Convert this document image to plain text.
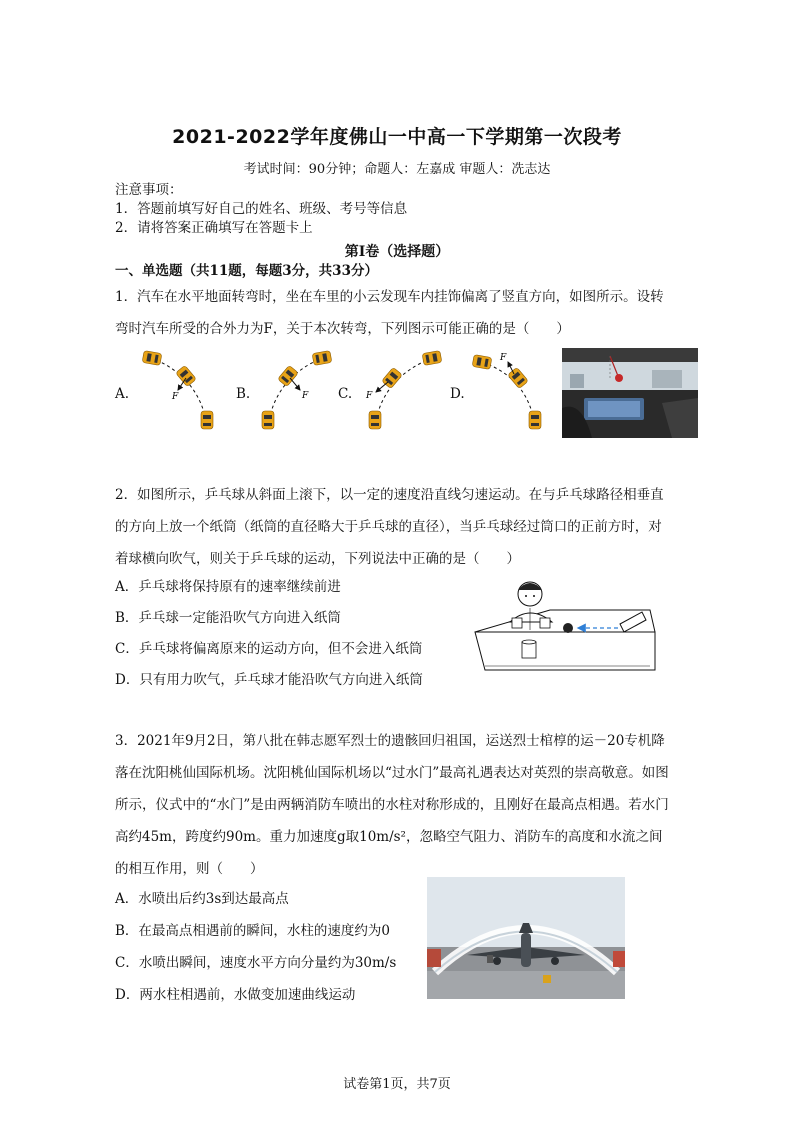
2021-2022学年度佛山一中高一下学期第一次段考
考试时间：90分钟；命题人：左嘉成 审题人：冼志达
注意事项：
1．答题前填写好自己的姓名、班级、考号等信息
2．请将答案正确填写在答题卡上
第I卷（选择题）
一、单选题（共11题，每题3分，共33分）
1．汽车在水平地面转弯时，坐在车里的小云发现车内挂饰偏离了竖直方向，如图所示。设转
弯时汽车所受的合外力为F，关于本次转弯，下列图示可能正确的是（　　）
A.	B.	C.	D.
F	F	F
F
2．如图所示，乒乓球从斜面上滚下，以一定的速度沿直线匀速运动。在与乒乓球路径相垂直
的方向上放一个纸筒（纸筒的直径略大于乒乓球的直径），当乒乓球经过筒口的正前方时，对
着球横向吹气，则关于乒乓球的运动，下列说法中正确的是（　　）
A．乒乓球将保持原有的速率继续前进
B．乒乓球一定能沿吹气方向进入纸筒
C．乒乓球将偏离原来的运动方向，但不会进入纸筒
D．只有用力吹气，乒乓球才能沿吹气方向进入纸筒
3．2021年9月2日，第八批在韩志愿军烈士的遗骸回归祖国，运送烈士棺椁的运－20专机降
落在沈阳桃仙国际机场。沈阳桃仙国际机场以“过水门”最高礼遇表达对英烈的崇高敬意。如图
所示，仪式中的“水门”是由两辆消防车喷出的水柱对称形成的，且刚好在最高点相遇。若水门
高约45m，跨度约90m。重力加速度g取10m/s²，忽略空气阻力、消防车的高度和水流之间
的相互作用，则（　　）
A．水喷出后约3s到达最高点
B．在最高点相遇前的瞬间，水柱的速度约为0
C．水喷出瞬间，速度水平方向分量约为30m/s
D．两水柱相遇前，水做变加速曲线运动
试卷第1页，共7页
